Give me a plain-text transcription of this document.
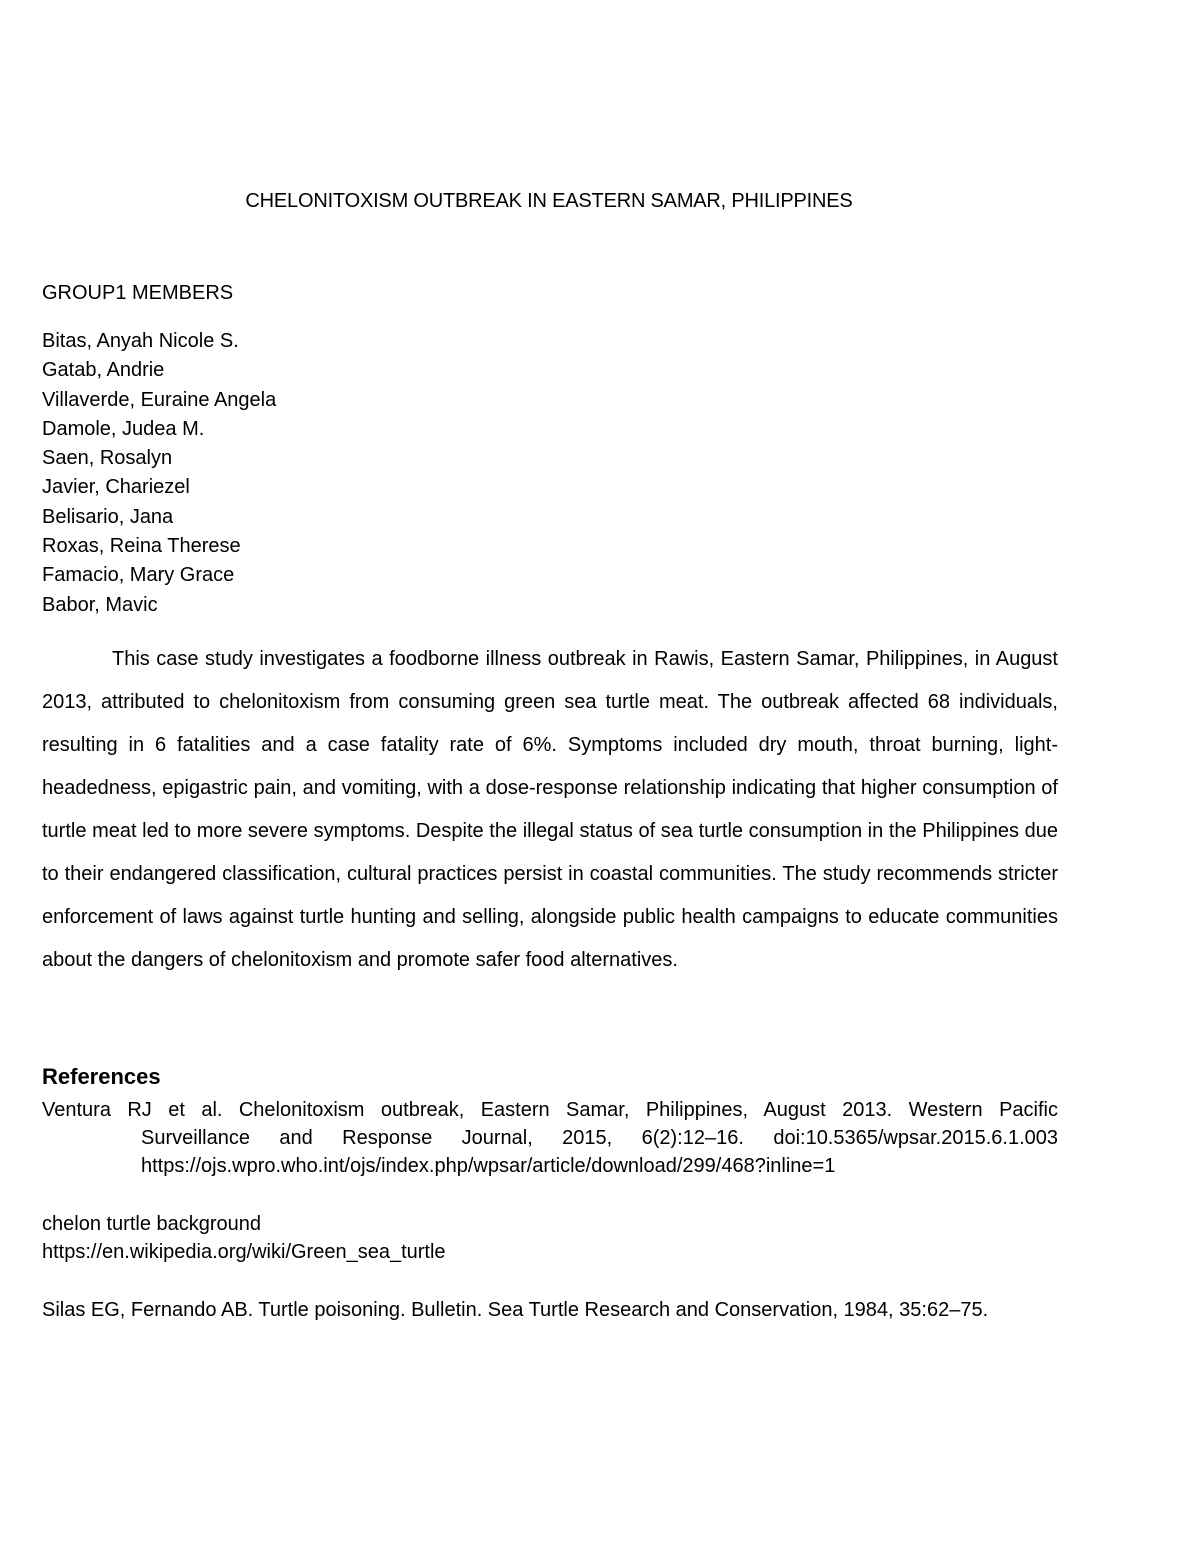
CHELONITOXISM OUTBREAK IN EASTERN SAMAR, PHILIPPINES
GROUP1 MEMBERS
Bitas, Anyah Nicole S.
Gatab, Andrie
Villaverde, Euraine Angela
Damole, Judea M.
Saen, Rosalyn
Javier, Chariezel
Belisario, Jana
Roxas, Reina Therese
Famacio, Mary Grace
Babor, Mavic

This case study investigates a foodborne illness outbreak in Rawis, Eastern Samar, Philippines, in August 2013, attributed to chelonitoxism from consuming green sea turtle meat. The outbreak affected 68 individuals, resulting in 6 fatalities and a case fatality rate of 6%. Symptoms included dry mouth, throat burning, light-headedness, epigastric pain, and vomiting, with a dose-response relationship indicating that higher consumption of turtle meat led to more severe symptoms. Despite the illegal status of sea turtle consumption in the Philippines due to their endangered classification, cultural practices persist in coastal communities. The study recommends stricter enforcement of laws against turtle hunting and selling, alongside public health campaigns to educate communities about the dangers of chelonitoxism and promote safer food alternatives.

References
Ventura RJ et al. Chelonitoxism outbreak, Eastern Samar, Philippines, August 2013. Western Pacific
Surveillance and Response Journal, 2015, 6(2):12–16. doi:10.5365/wpsar.2015.6.1.003
https://ojs.wpro.who.int/ojs/index.php/wpsar/article/download/299/468?inline=1
chelon turtle background
https://en.wikipedia.org/wiki/Green_sea_turtle
Silas EG, Fernando AB. Turtle poisoning. Bulletin. Sea Turtle Research and Conservation, 1984, 35:62–75.
